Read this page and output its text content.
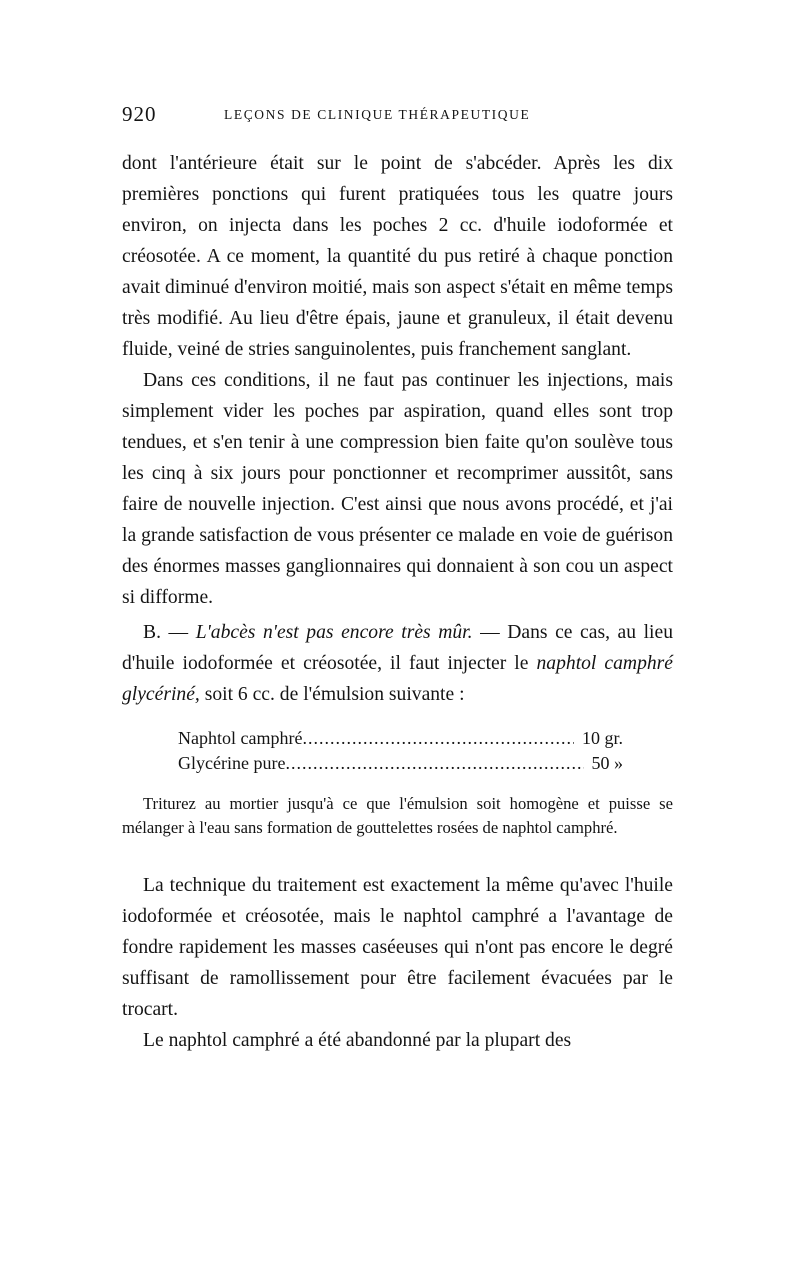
920	LEÇONS DE CLINIQUE THÉRAPEUTIQUE

dont l'antérieure était sur le point de s'abcéder. Après les dix premières ponctions qui furent pratiquées tous les quatre jours environ, on injecta dans les poches 2 cc. d'huile iodoformée et créosotée. A ce moment, la quantité du pus retiré à chaque ponction avait diminué d'environ moitié, mais son aspect s'était en même temps très modifié. Au lieu d'être épais, jaune et granuleux, il était devenu fluide, veiné de stries sanguinolentes, puis franchement sanglant.

Dans ces conditions, il ne faut pas continuer les injections, mais simplement vider les poches par aspiration, quand elles sont trop tendues, et s'en tenir à une compression bien faite qu'on soulève tous les cinq à six jours pour ponctionner et recomprimer aussitôt, sans faire de nouvelle injection. C'est ainsi que nous avons procédé, et j'ai la grande satisfaction de vous présenter ce malade en voie de guérison des énormes masses ganglionnaires qui donnaient à son cou un aspect si difforme.

B. — L'abcès n'est pas encore très mûr. — Dans ce cas, au lieu d'huile iodoformée et créosotée, il faut injecter le naphtol camphré glycériné, soit 6 cc. de l'émulsion suivante :

Naphtol camphré .....	10 gr.
Glycérine pure .....	50 »

Triturez au mortier jusqu'à ce que l'émulsion soit homogène et puisse se mélanger à l'eau sans formation de gouttelettes rosées de naphtol camphré.

La technique du traitement est exactement la même qu'avec l'huile iodoformée et créosotée, mais le naphtol camphré a l'avantage de fondre rapidement les masses caséeuses qui n'ont pas encore le degré suffisant de ramollissement pour être facilement évacuées par le trocart.

Le naphtol camphré a été abandonné par la plupart des
